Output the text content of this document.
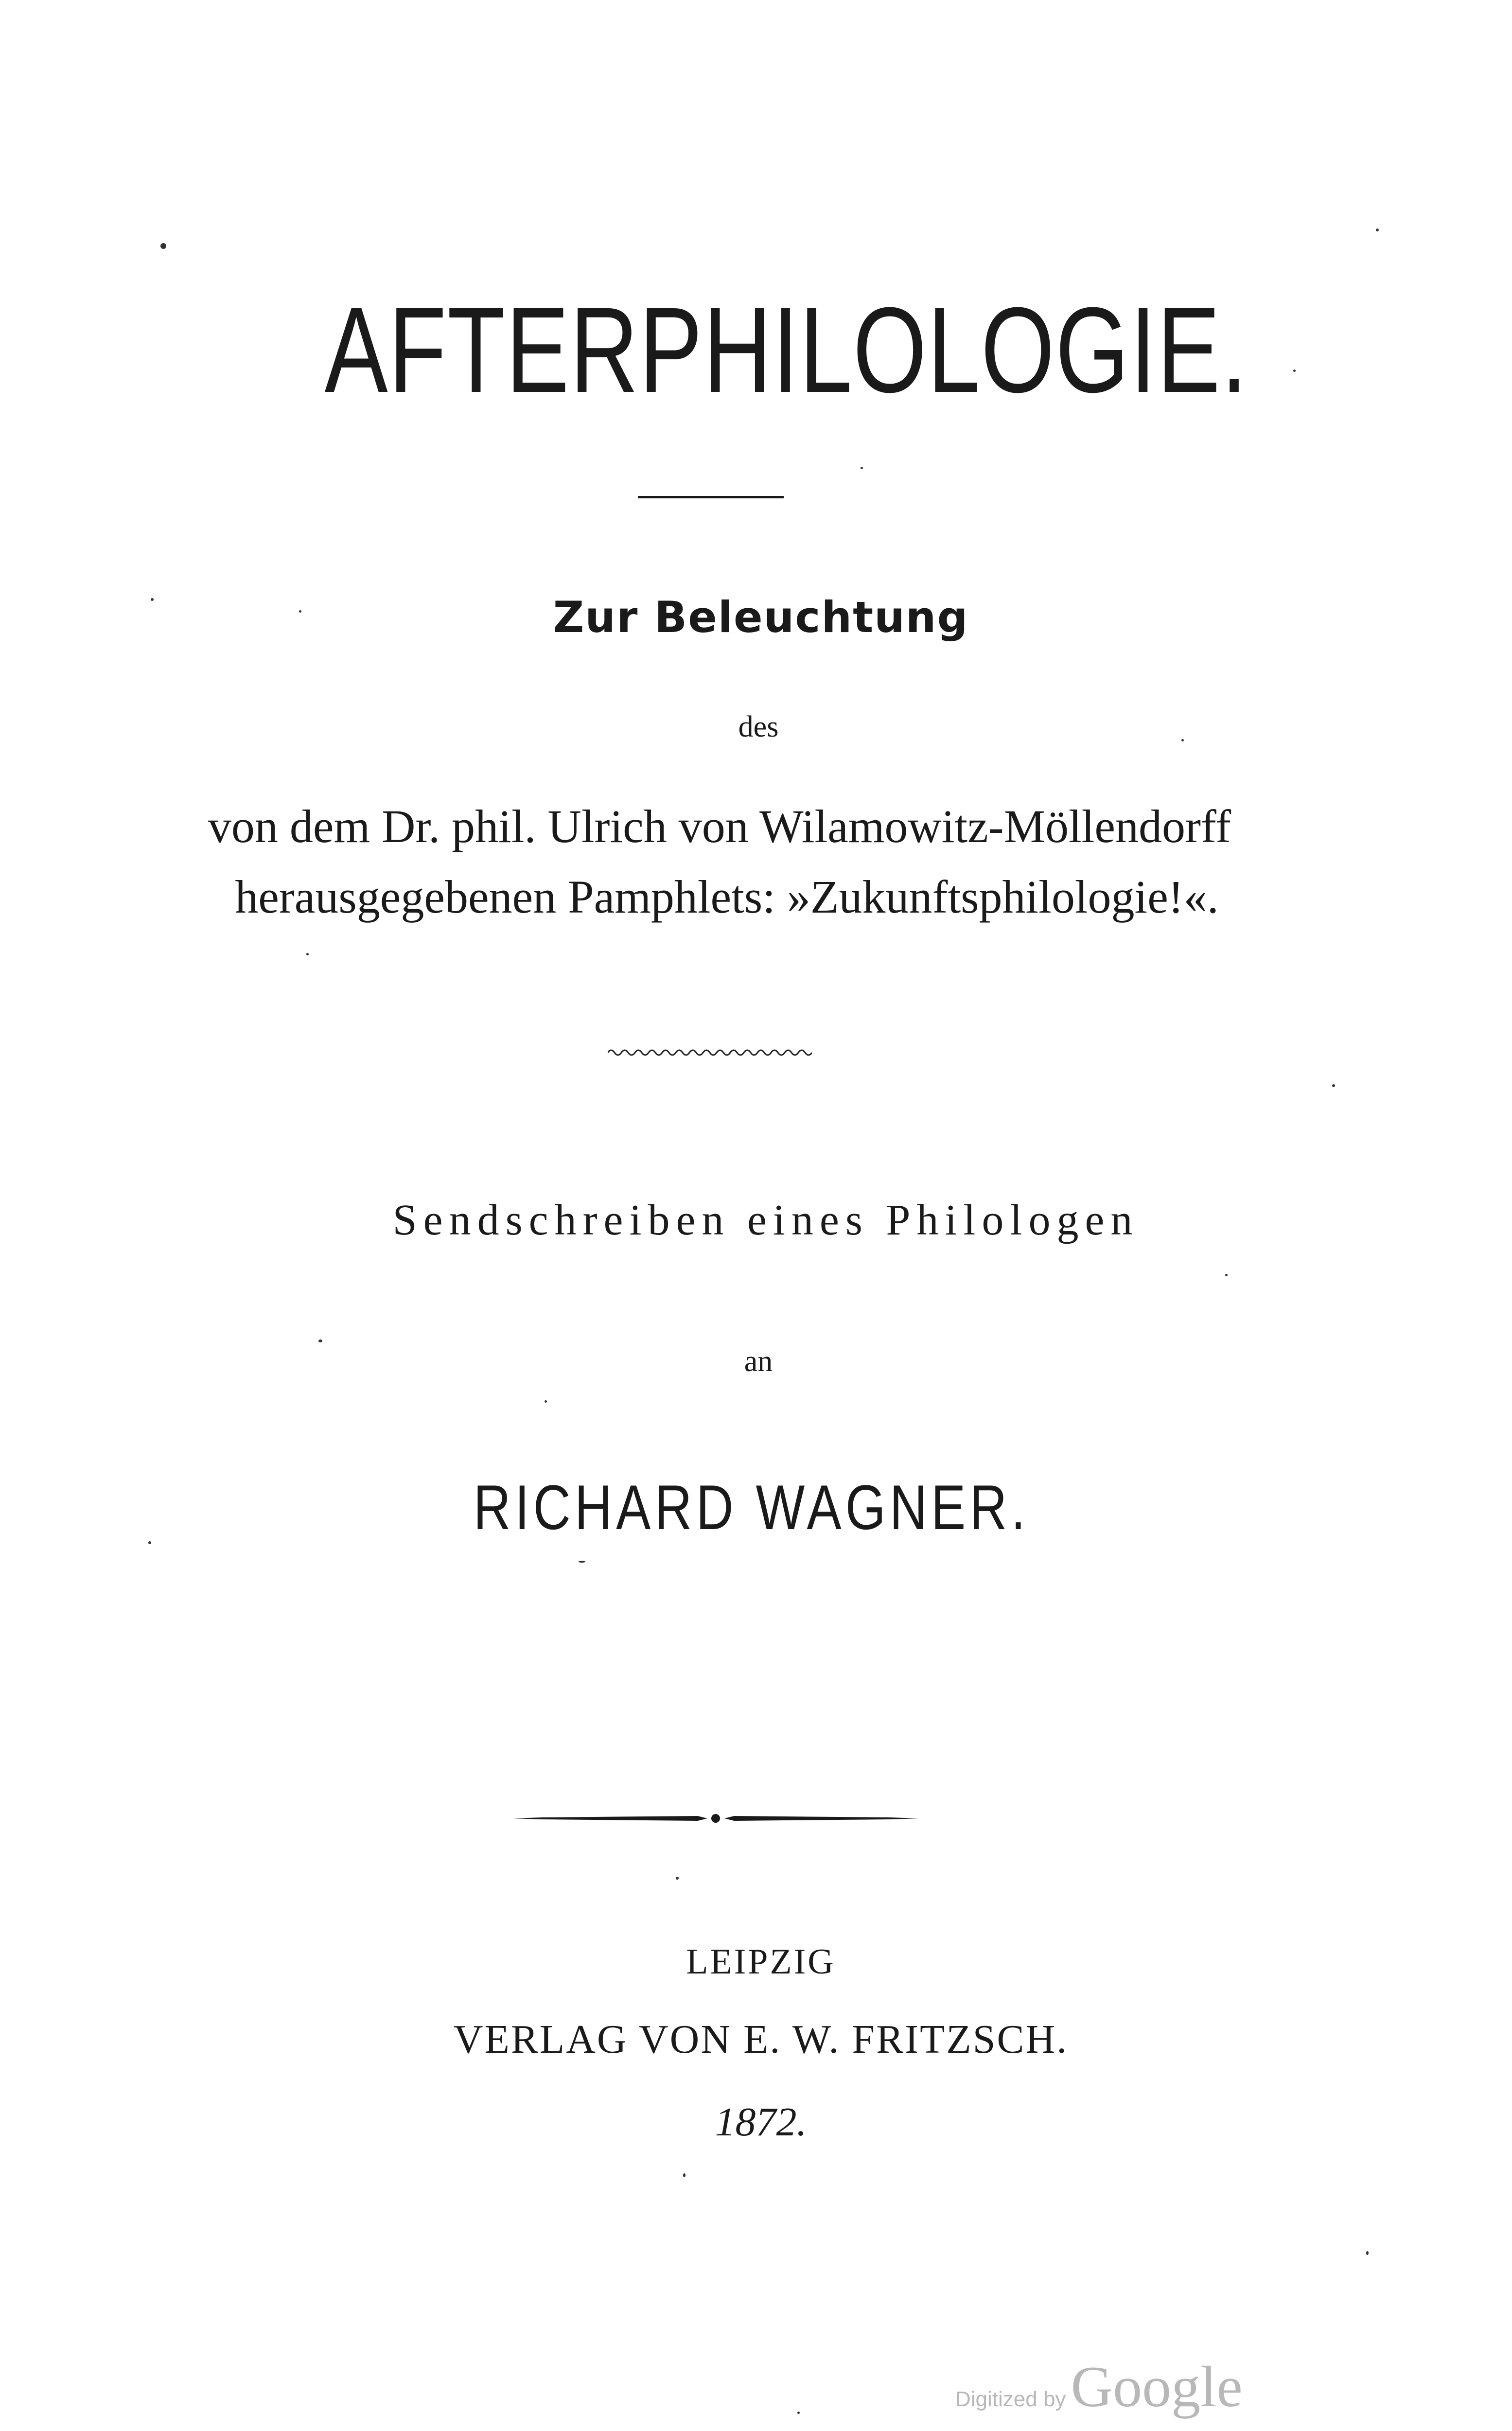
AFTERPHILOLOGIE.
Zur Beleuchtung
des
von dem Dr. phil. Ulrich von Wilamowitz-Möllendorff
herausgegebenen Pamphlets: »Zukunftsphilologie!«.
Sendschreiben eines Philologen
an
RICHARD WAGNER.
LEIPZIG
VERLAG VON E. W. FRITZSCH.
1872.
Digitized by Google
